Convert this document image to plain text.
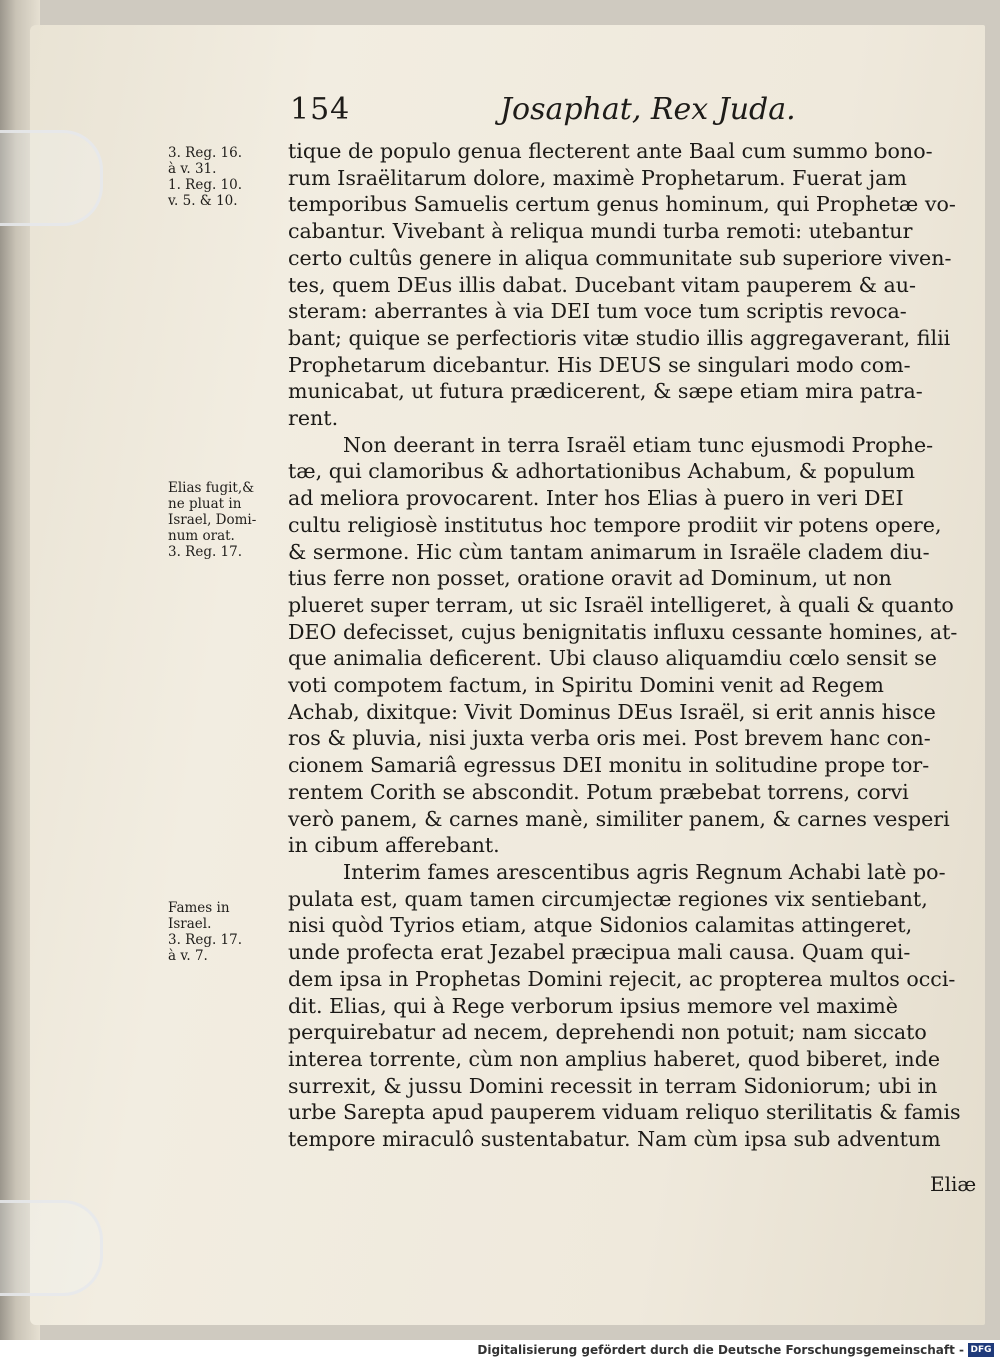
154	Josaphat, Rex Juda.
3. Reg. 16.
à v. 31.
1. Reg. 10.
v. 5. & 10.
Elias fugit,&
ne pluat in
Israel, Domi-
num orat.
3. Reg. 17.
Fames in
Israel.
3. Reg. 17.
à v. 7.
tique de populo genua flecterent ante Baal cum summo bono-
rum Israëlitarum dolore, maximè Prophetarum. Fuerat jam
temporibus Samuelis certum genus hominum, qui Prophetæ vo-
cabantur. Vivebant à reliqua mundi turba remoti: utebantur
certo cultûs genere in aliqua communitate sub superiore viven-
tes, quem DEus illis dabat. Ducebant vitam pauperem & au-
steram: aberrantes à via DEI tum voce tum scriptis revoca-
bant; quique se perfectioris vitæ studio illis aggregaverant, filii
Prophetarum dicebantur. His DEUS se singulari modo com-
municabat, ut futura prædicerent, & sæpe etiam mira patra-
rent.
Non deerant in terra Israël etiam tunc ejusmodi Prophe-
tæ, qui clamoribus & adhortationibus Achabum, & populum
ad meliora provocarent. Inter hos Elias à puero in veri DEI
cultu religiosè institutus hoc tempore prodiit vir potens opere,
& sermone. Hic cùm tantam animarum in Israële cladem diu-
tius ferre non posset, oratione oravit ad Dominum, ut non
plueret super terram, ut sic Israël intelligeret, à quali & quanto
DEO defecisset, cujus benignitatis influxu cessante homines, at-
que animalia deficerent. Ubi clauso aliquamdiu cœlo sensit se
voti compotem factum, in Spiritu Domini venit ad Regem
Achab, dixitque: Vivit Dominus DEus Israël, si erit annis hisce
ros & pluvia, nisi juxta verba oris mei. Post brevem hanc con-
cionem Samariâ egressus DEI monitu in solitudine prope tor-
rentem Corith se abscondit. Potum præbebat torrens, corvi
verò panem, & carnes manè, similiter panem, & carnes vesperi
in cibum afferebant.
Interim fames arescentibus agris Regnum Achabi latè po-
pulata est, quam tamen circumjectæ regiones vix sentiebant,
nisi quòd Tyrios etiam, atque Sidonios calamitas attingeret,
unde profecta erat Jezabel præcipua mali causa. Quam qui-
dem ipsa in Prophetas Domini rejecit, ac propterea multos occi-
dit. Elias, qui à Rege verborum ipsius memore vel maximè
perquirebatur ad necem, deprehendi non potuit; nam siccato
interea torrente, cùm non amplius haberet, quod biberet, inde
surrexit, & jussu Domini recessit in terram Sidoniorum; ubi in
urbe Sarepta apud pauperem viduam reliquo sterilitatis & famis
tempore miraculô sustentabatur. Nam cùm ipsa sub adventum
Eliæ
Digitalisierung gefördert durch die Deutsche Forschungsgemeinschaft - DFG
